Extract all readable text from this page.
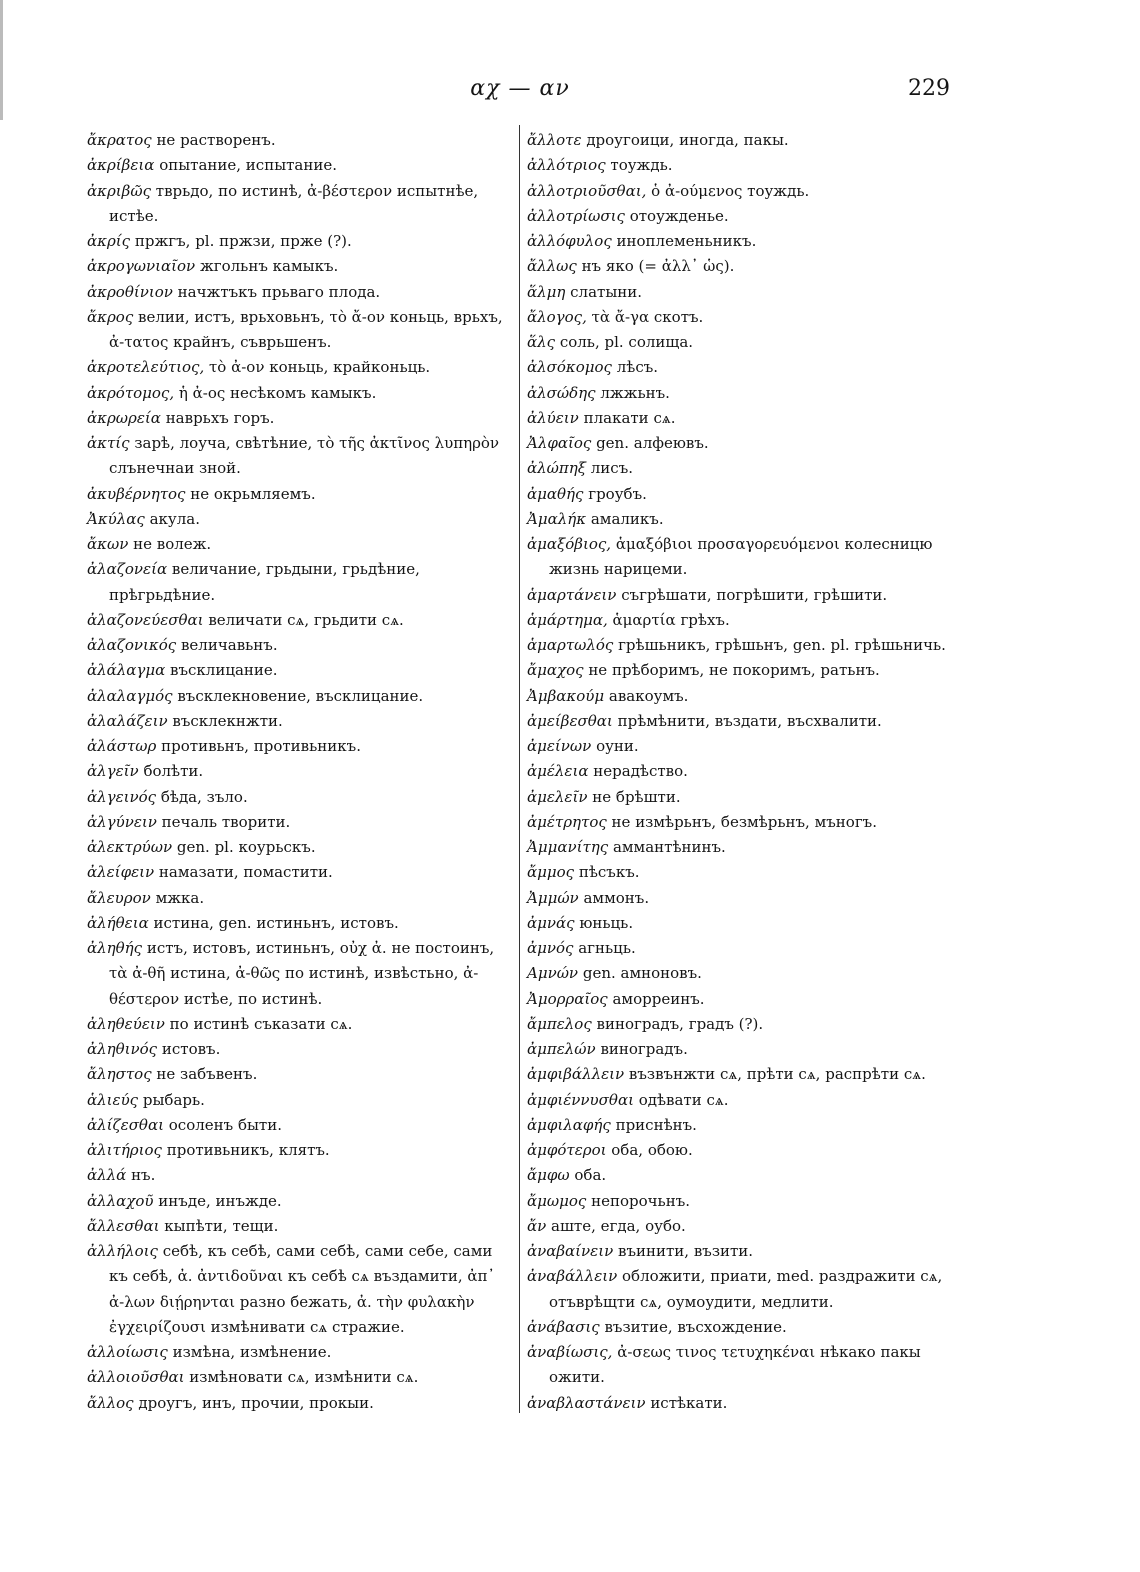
αχ — αν	229

ἄκρατος не растворенъ.

ἀκρίβεια опытание, испытание.

ἀκριβῶς тврьдо, по истинѣ, ἀ-βέστερον испытнѣе, истѣе.

ἀκρίς пржгъ, pl. пржзи, прже (?).

ἀκρογωνιαῖον жгольнъ камыкъ.

ἀκροθίνιον начжтъкъ прьваго плода.

ἄκρος велии, истъ, врьховьнъ, τὸ ἄ-ον коньць, врьхъ, ἀ-τατος крайнъ, съврьшенъ.

ἀκροτελεύτιος, τὸ ἀ-ον коньць, крайконьць.

ἀκρότομος, ἡ ἀ-ος несѣкомъ камыкъ.

ἀκρωρεία наврьхъ горъ.

ἀκτίς зарѣ, лоуча, свѣтѣние, τὸ τῆς ἀκτῖνος λυπηρὸν слънечнаи зной.

ἀκυβέρνητος не окрьмляемъ.

Ἀκύλας акула.

ἄκων не волеж.

ἀλαζονεία величание, грьдыни, грьдѣние, прѣгрьдѣние.

ἀλαζονεύεσθαι величати сѧ, грьдити сѧ.

ἀλαζονικός величавьнъ.

ἀλάλαγμα въсклицание.

ἀλαλαγμός въсклекновение, въсклицание.

ἀλαλάζειν въсклекнжти.

ἀλάστωρ противьнъ, противьникъ.

ἀλγεῖν болѣти.

ἀλγεινός бѣда, зъло.

ἀλγύνειν печаль творити.

ἀλεκτρύων gen. pl. коурьскъ.

ἀλείφειν намазати, помастити.

ἄλευρον мжка.

ἀλήθεια истина, gen. истиньнъ, истовъ.

ἀληθής истъ, истовъ, истиньнъ, οὐχ ἀ. не постоинъ, τὰ ἀ-θῆ истина, ἀ-θῶς по истинѣ, извѣстьно, ἀ-θέστερον истѣе, по истинѣ.

ἀληθεύειν по истинѣ съказати сѧ.

ἀληθινός истовъ.

ἄληστος не забъвенъ.

ἁλιεύς рыбарь.

ἀλίζεσθαι осоленъ быти.

ἀλιτήριος противьникъ, клятъ.

ἀλλά нъ.

ἀλλαχοῦ инъде, инъжде.

ἄλλεσθαι кыпѣти, тещи.

ἀλλήλοις себѣ, къ себѣ, сами себѣ, сами себе, сами къ себѣ, ἀ. ἀντιδοῦναι къ себѣ сѧ въздамити, ἀπ᾽ ἀ-λων διῄρηνται разно бежать, ἀ. τὴν φυλακὴν ἐγχειρίζουσι измѣнивати сѧ стражие.

ἀλλοίωσις измѣна, измѣнение.

ἀλλοιοῦσθαι измѣновати сѧ, измѣнити сѧ.

ἄλλος дроугъ, инъ, прочии, прокыи.

ἄλλοτε дроугоици, иногда, пакы.

ἀλλότριος тоуждь.

ἀλλοτριοῦσθαι, ὁ ἀ-ούμενος тоуждь.

ἀλλοτρίωσις отоужденье.

ἀλλόφυλος иноплеменьникъ.

ἄλλως нъ яко (= ἀλλ᾽ ὡς).

ἅλμη слатыни.

ἄλογος, τὰ ἄ-γα скотъ.

ἅλς соль, pl. солища.

ἀλσόκομος лѣсъ.

ἀλσώδης лжжьнъ.

ἀλύειν плакати сѧ.

Ἀλφαῖος gen. алфеювъ.

ἀλώπηξ лисъ.

ἀμαθής гроубъ.

Ἀμαλήκ амаликъ.

ἀμαξόβιος, ἁμαξόβιοι προσαγορευόμενοι колесницю жизнь нарицеми.

ἁμαρτάνειν съгрѣшати, погрѣшити, грѣшити.

ἁμάρτημα, ἁμαρτία грѣхъ.

ἁμαρτωλός грѣшьникъ, грѣшьнъ, gen. pl. грѣшьничь.

ἄμαχος не прѣборимъ, не покоримъ, ратьнъ.

Ἀμβακούμ авакоумъ.

ἀμείβεσθαι прѣмѣнити, въздати, въсхвалити.

ἀμείνων оуни.

ἀμέλεια нерадѣство.

ἀμελεῖν не брѣшти.

ἀμέτρητος не измѣрьнъ, безмѣрьнъ, мъногъ.

Ἀμμανίτης аммантѣнинъ.

ἄμμος пѣсъкъ.

Ἀμμών аммонъ.

ἀμνάς юньць.

ἀμνός агньць.

Αμνών gen. амноновъ.

Ἀμορραῖος аморреинъ.

ἄμπελος виноградъ, градъ (?).

ἀμπελών виноградъ.

ἀμφιβάλλειν възвънжти сѧ, прѣти сѧ, распрѣти сѧ.

ἀμφιέννυσθαι одѣвати сѧ.

ἀμφιλαφής приснѣнъ.

ἀμφότεροι оба, обою.

ἄμφω оба.

ἄμωμος непорочьнъ.

ἄν аште, егда, оубо.

ἀναβαίνειν въинити, възити.

ἀναβάλλειν обложити, приати, med. раздражити сѧ, отъврѣщти сѧ, оумоудити, медлити.

ἀνάβασις възитие, въсхождение.

ἀναβίωσις, ἀ-σεως τινος τετυχηκέναι нѣкако пакы ожити.

ἀναβλαστάνειν истѣкати.
